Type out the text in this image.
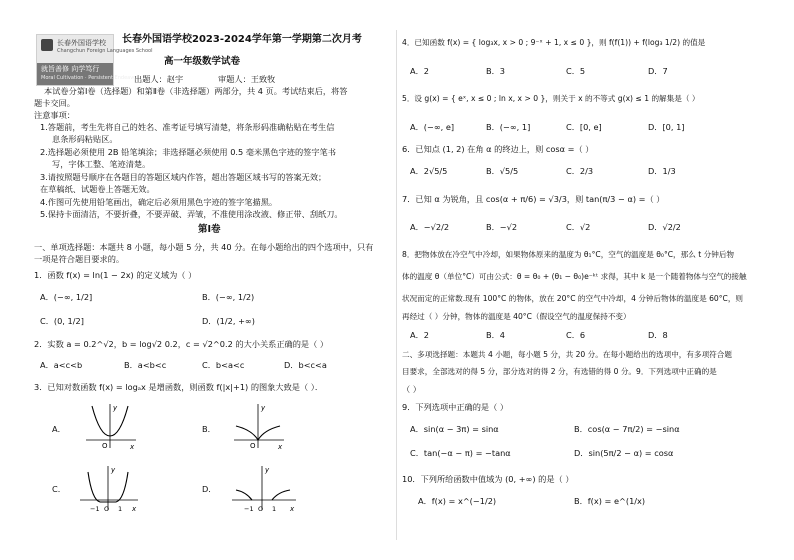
长春外国语学校
Changchun Foreign Languages School
就旨善修 向学笃行
Moral Cultivation · Persistent Endeavor
长春外国语学校2023-2024学年第一学期第二次月考
高一年级数学试卷
出题人：赵宇	审题人：王致牧
本试卷分第Ⅰ卷（选择题）和第Ⅱ卷（非选择题）两部分，共 4 页。考试结束后，将答
题卡交回。
注意事项：
1.答题前，考生先将自己的姓名、准考证号填写清楚，将条形码准确粘贴在考生信
息条形码粘贴区。
2.选择题必须使用 2B 铅笔填涂；非选择题必须使用 0.5 毫米黑色字迹的签字笔书
写，字体工整、笔迹清楚。
3.请按照题号顺序在各题目的答题区域内作答，超出答题区域书写的答案无效；
在草稿纸、试题卷上答题无效。
4.作图可先使用铅笔画出，确定后必须用黑色字迹的签字笔描黑。
5.保持卡面清洁，不要折叠，不要弄破、弄皱，不准使用涂改液、修正带、刮纸刀。
第Ⅰ卷
一、单项选择题：本题共 8 小题，每小题 5 分，共 40 分。在每小题给出的四个选项中，只有
一项是符合题目要求的。
1．函数 f(x) = ln(1 − 2x) 的定义域为（ ）
A．(−∞, 1/2]	B．(−∞, 1/2)
C．(0, 1/2]	D．(1/2, +∞)
2．实数 a = 0.2^√2，b = log√2 0.2，c = √2^0.2 的大小关系正确的是（ ）
A．a<c<b	B．a<b<c	C．b<a<c	D．b<c<a
3．已知对数函数 f(x) = logₐx 是增函数，则函数 f(|x|+1) 的图象大致是（ ）．
A．
O	x
y
B．
O	x
y
C．
−1 O 1 x
y
D．
−1 O 1 x
y
4．已知函数 f(x) = { log₃x, x > 0 ; 9⁻ˣ + 1, x ≤ 0 }，则 f(f(1)) + f(log₃ 1/2) 的值是
A．2	B．3	C．5	D．7
5．设 g(x) = { eˣ, x ≤ 0 ; ln x, x > 0 }，则关于 x 的不等式 g(x) ≤ 1 的解集是（ ）
A．(−∞, e]	B．(−∞, 1]	C．[0, e]	D．[0, 1]
6．已知点 (1, 2) 在角 α 的终边上，则 cosα =（ ）
A．2√5/5	B．√5/5	C．2/3	D．1/3
7．已知 α 为锐角，且 cos(α + π/6) = √3/3，则 tan(π/3 − α) =（ ）
A．−√2/2	B．−√2	C．√2	D．√2/2
8．把物体放在冷空气中冷却，如果物体原来的温度为 θ₁°C，空气的温度是 θ₀°C，那么 t 分钟后物
体的温度 θ（单位°C）可由公式：θ = θ₀ + (θ₁ − θ₀)e⁻ᵏᵗ 求得，其中 k 是一个随着物体与空气的接触
状况而定的正常数.现有 100°C 的物体，放在 20°C 的空气中冷却，4 分钟后物体的温度是 60°C，则
再经过（ ）分钟，物体的温度是 40°C（假设空气的温度保持不变）
A．2	B．4	C．6	D．8
二、多项选择题：本题共 4 小题，每小题 5 分，共 20 分。在每小题给出的选项中，有多项符合题
目要求，全部选对的得 5 分，部分选对的得 2 分，有选错的得 0 分。9．下列选项中正确的是
（ ）
9．下列选项中正确的是（ ）
A．sin(α − 3π) = sinα	B．cos(α − 7π/2) = −sinα
C．tan(−α − π) = −tanα	D．sin(5π/2 − α) = cosα
10．下列所给函数中值域为 (0, +∞) 的是（ ）
A．f(x) = x^(−1/2)	B．f(x) = e^(1/x)
